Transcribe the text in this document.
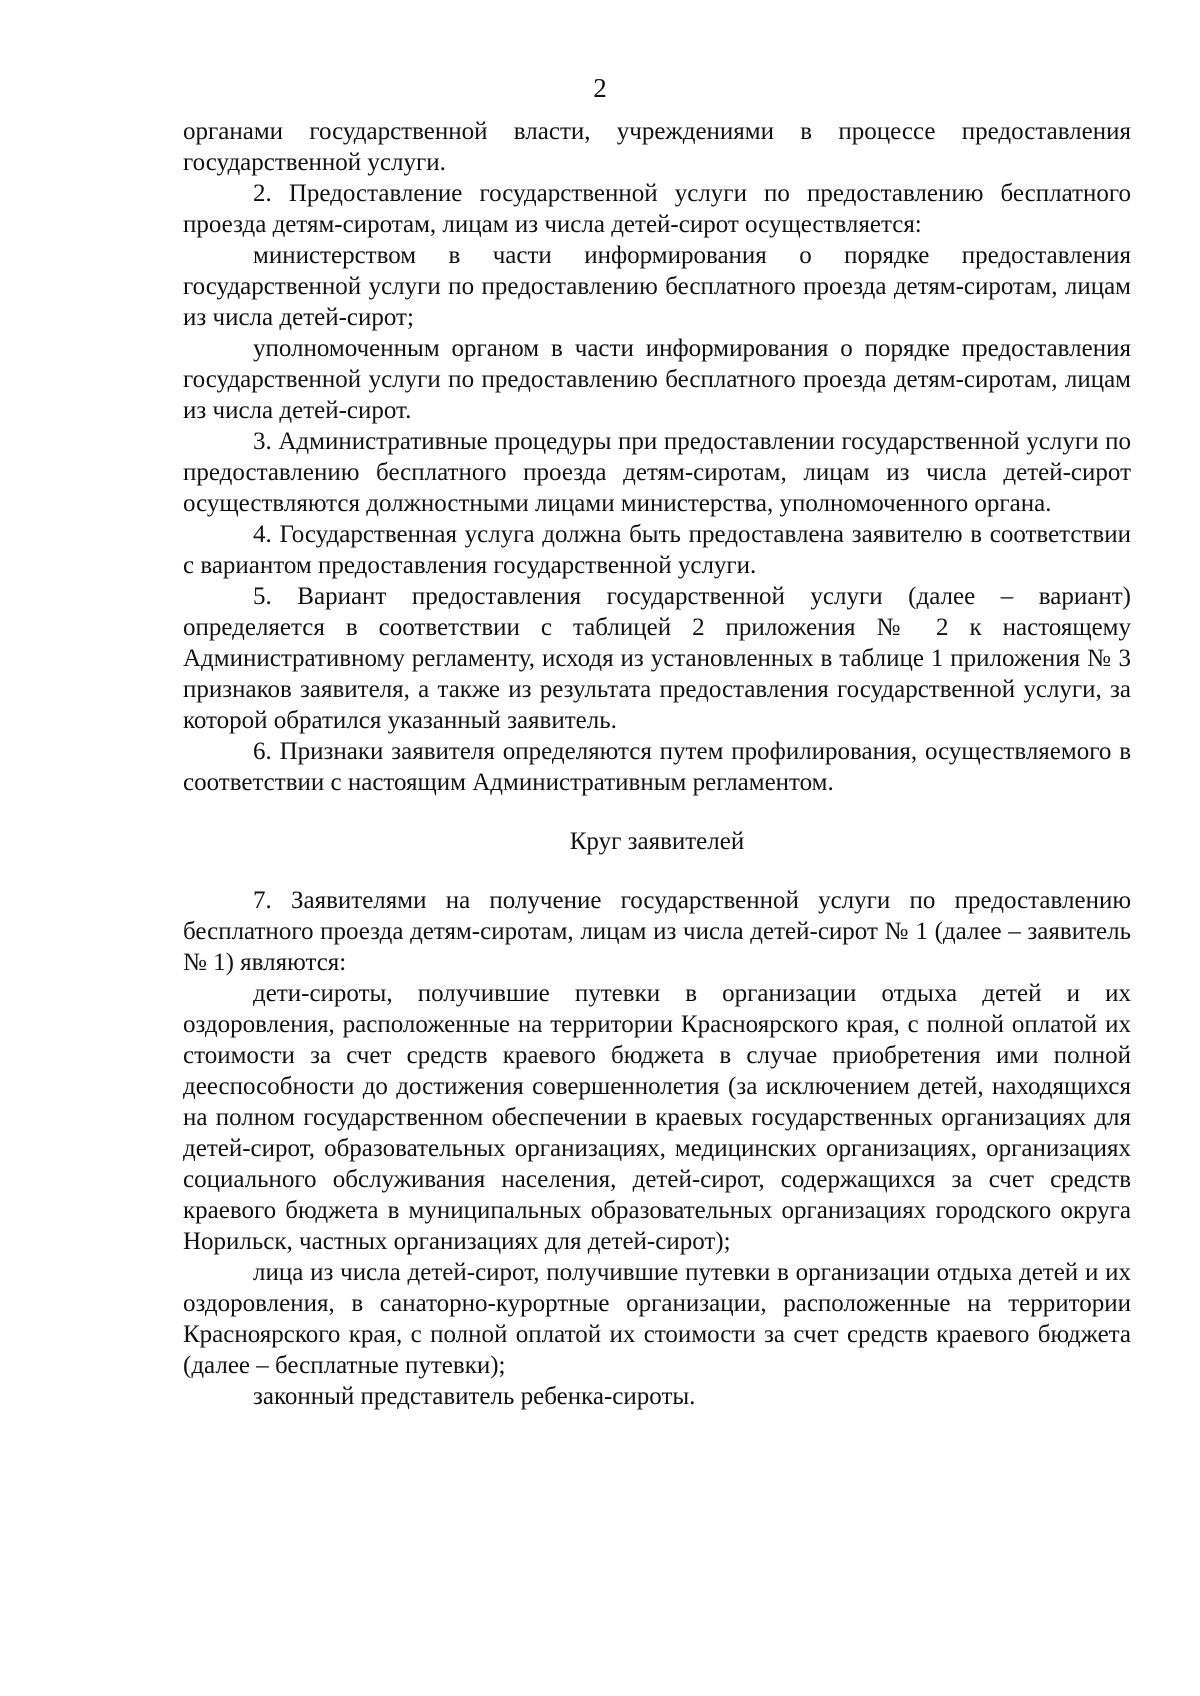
2

органами государственной власти, учреждениями в процессе предоставления государственной услуги.

2. Предоставление государственной услуги по предоставлению бесплатного проезда детям-сиротам, лицам из числа детей-сирот осуществляется:

министерством в части информирования о порядке предоставления государственной услуги по предоставлению бесплатного проезда детям-сиротам, лицам из числа детей-сирот;

уполномоченным органом в части информирования о порядке предоставления государственной услуги по предоставлению бесплатного проезда детям-сиротам, лицам из числа детей-сирот.

3. Административные процедуры при предоставлении государственной услуги по предоставлению бесплатного проезда детям-сиротам, лицам из числа детей-сирот осуществляются должностными лицами министерства, уполномоченного органа.

4. Государственная услуга должна быть предоставлена заявителю в соответствии с вариантом предоставления государственной услуги.

5. Вариант предоставления государственной услуги (далее – вариант) определяется в соответствии с таблицей 2 приложения № 2 к настоящему Административному регламенту, исходя из установленных в таблице 1 приложения № 3 признаков заявителя, а также из результата предоставления государственной услуги, за которой обратился указанный заявитель.

6. Признаки заявителя определяются путем профилирования, осуществляемого в соответствии с настоящим Административным регламентом.

Круг заявителей

7. Заявителями на получение государственной услуги по предоставлению бесплатного проезда детям-сиротам, лицам из числа детей-сирот № 1 (далее – заявитель № 1) являются:

дети-сироты, получившие путевки в организации отдыха детей и их оздоровления, расположенные на территории Красноярского края, с полной оплатой их стоимости за счет средств краевого бюджета в случае приобретения ими полной дееспособности до достижения совершеннолетия (за исключением детей, находящихся на полном государственном обеспечении в краевых государственных организациях для детей-сирот, образовательных организациях, медицинских организациях, организациях социального обслуживания населения, детей-сирот, содержащихся за счет средств краевого бюджета в муниципальных образовательных организациях городского округа Норильск, частных организациях для детей-сирот);

лица из числа детей-сирот, получившие путевки в организации отдыха детей и их оздоровления, в санаторно-курортные организации, расположенные на территории Красноярского края, с полной оплатой их стоимости за счет средств краевого бюджета (далее – бесплатные путевки);

законный представитель ребенка-сироты.
